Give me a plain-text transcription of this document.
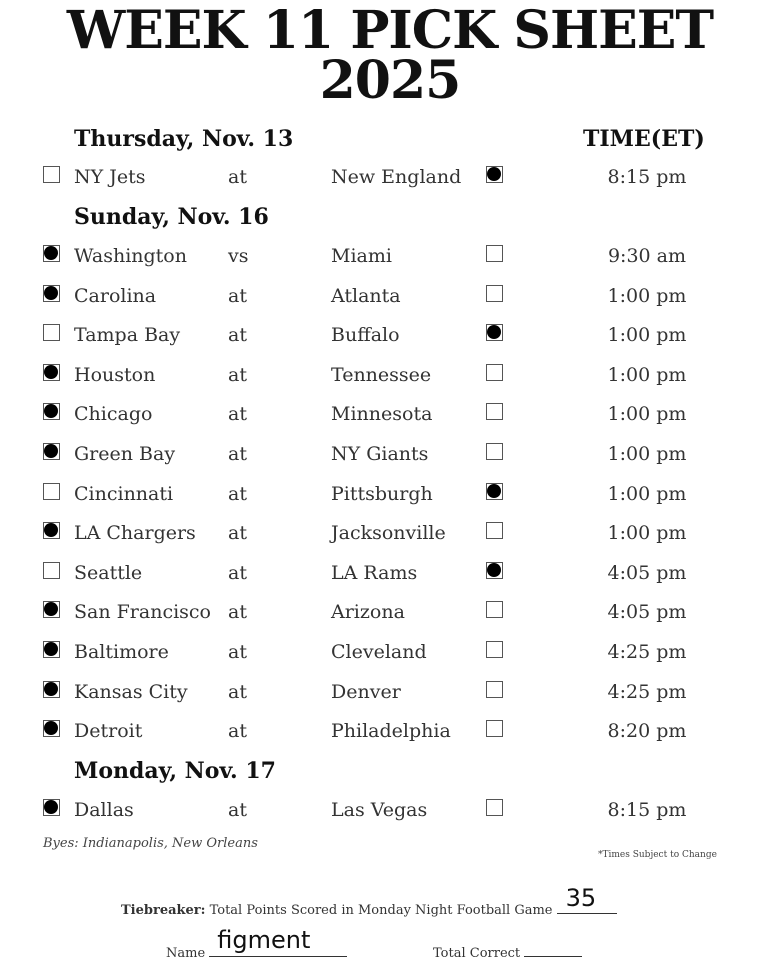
WEEK 11 PICK SHEET
2025
TIME(ET)
Thursday, Nov. 13
NY Jets	at	New England	8:15 pm
Sunday, Nov. 16
Washington vs	Miami	9:30 am
Carolina	at	Atlanta	1:00 pm
Tampa Bay	at	Buffalo	1:00 pm
Houston	at	Tennessee	1:00 pm
Chicago	at	Minnesota	1:00 pm
Green Bay	at	NY Giants	1:00 pm
Cincinnati	at	Pittsburgh	1:00 pm
LA Chargers at	Jacksonville	1:00 pm
Seattle	at	LA Rams	4:05 pm
San Francisco at	Arizona	4:05 pm
Baltimore	at	Cleveland	4:25 pm
Kansas City at	Denver	4:25 pm
Detroit	at	Philadelphia	8:20 pm
Monday, Nov. 17
Dallas	at	Las Vegas	8:15 pm
Byes: Indianapolis, New Orleans
*Times Subject to Change
Tiebreaker: Total Points Scored in Monday Night Football Game 35
Name figment	Total Correct
